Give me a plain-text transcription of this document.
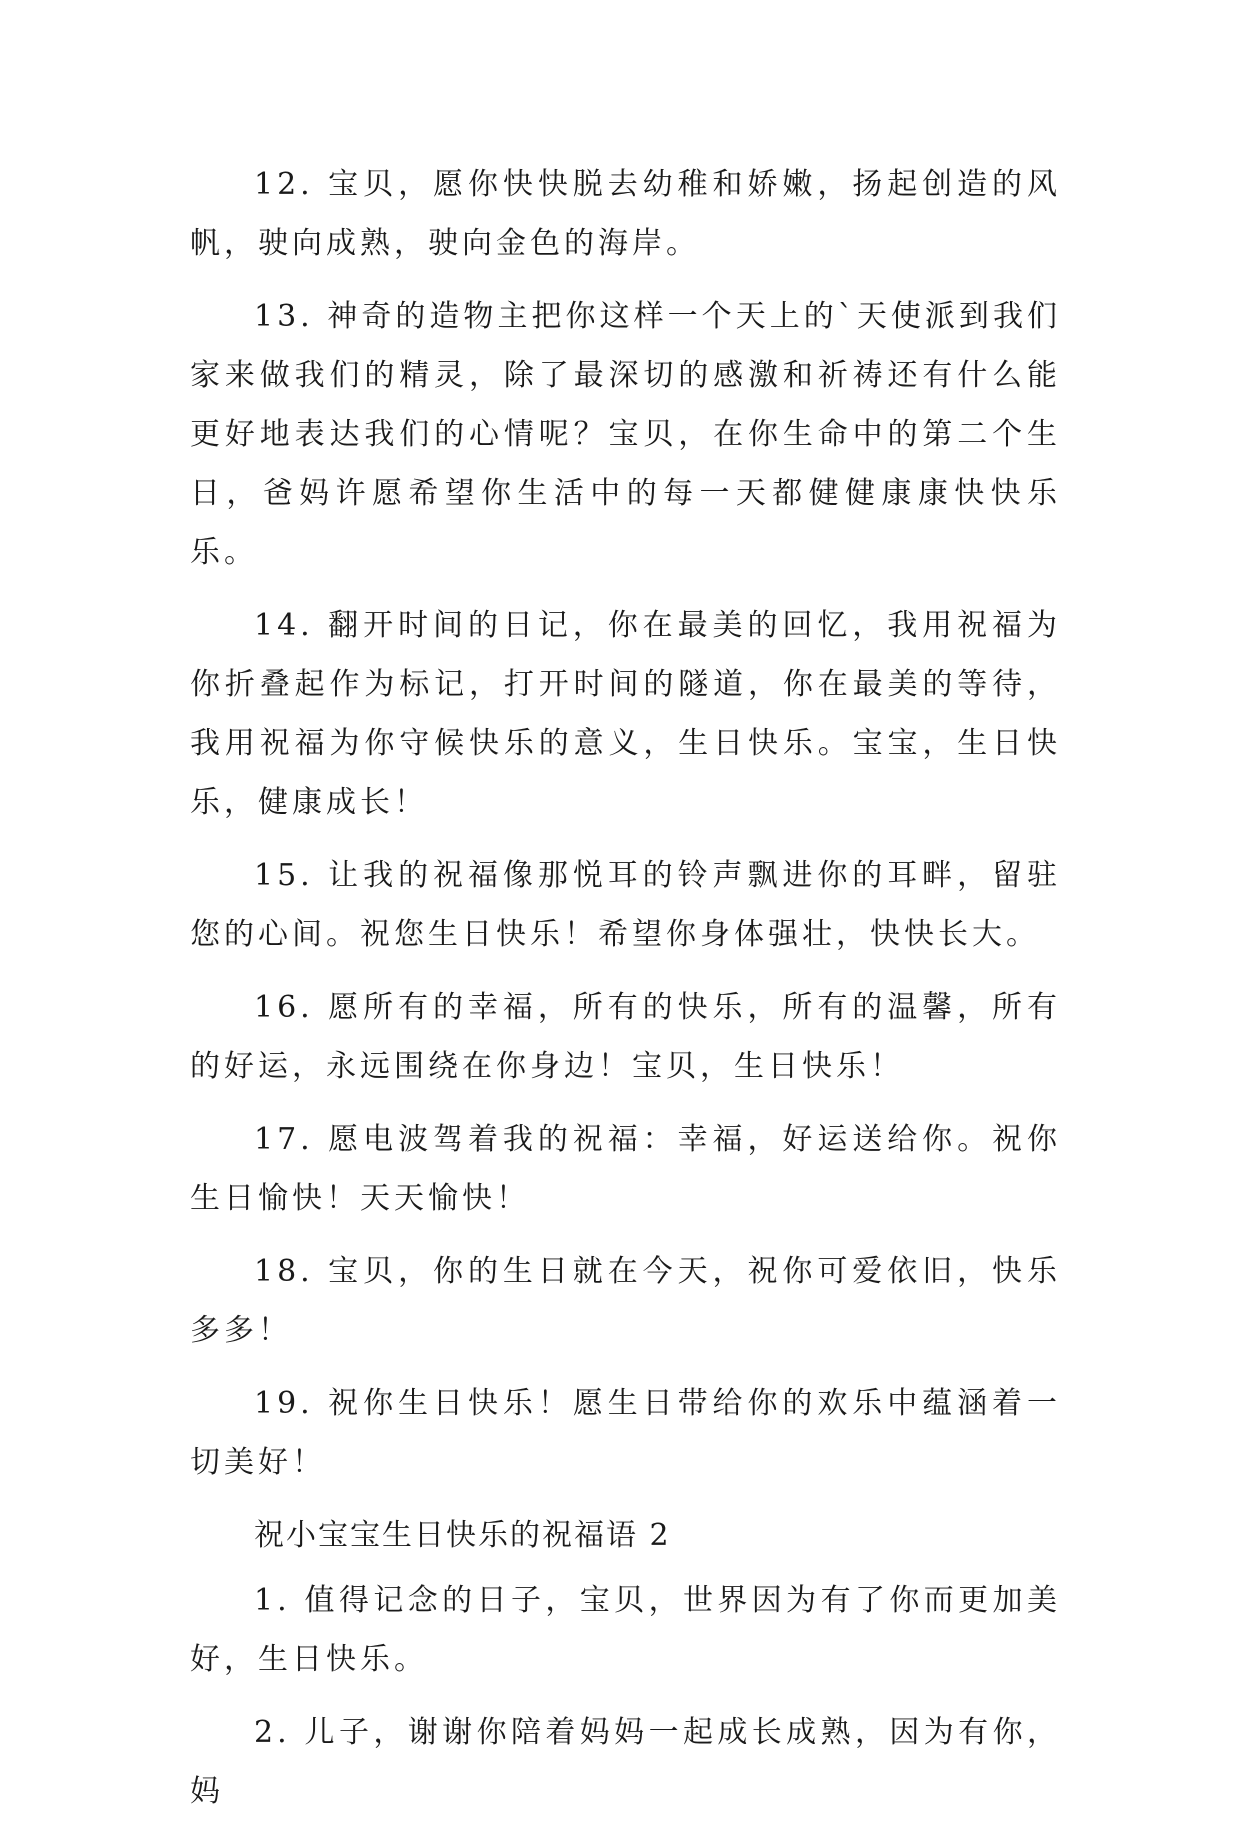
12. 宝贝，愿你快快脱去幼稚和娇嫩，扬起创造的风帆，驶向成熟，驶向金色的海岸。

13. 神奇的造物主把你这样一个天上的`天使派到我们家来做我们的精灵，除了最深切的感激和祈祷还有什么能更好地表达我们的心情呢？宝贝，在你生命中的第二个生日，爸妈许愿希望你生活中的每一天都健健康康快快乐乐。

14. 翻开时间的日记，你在最美的回忆，我用祝福为你折叠起作为标记，打开时间的隧道，你在最美的等待，我用祝福为你守候快乐的意义，生日快乐。宝宝，生日快乐，健康成长！

15. 让我的祝福像那悦耳的铃声飘进你的耳畔，留驻您的心间。祝您生日快乐！希望你身体强壮，快快长大。

16. 愿所有的幸福，所有的快乐，所有的温馨，所有的好运，永远围绕在你身边！宝贝，生日快乐！

17. 愿电波驾着我的祝福：幸福，好运送给你。祝你生日愉快！天天愉快！

18. 宝贝，你的生日就在今天，祝你可爱依旧，快乐多多！

19. 祝你生日快乐！愿生日带给你的欢乐中蕴涵着一切美好！

祝小宝宝生日快乐的祝福语 2

1. 值得记念的日子，宝贝，世界因为有了你而更加美好，生日快乐。

2. 儿子，谢谢你陪着妈妈一起成长成熟，因为有你，妈
